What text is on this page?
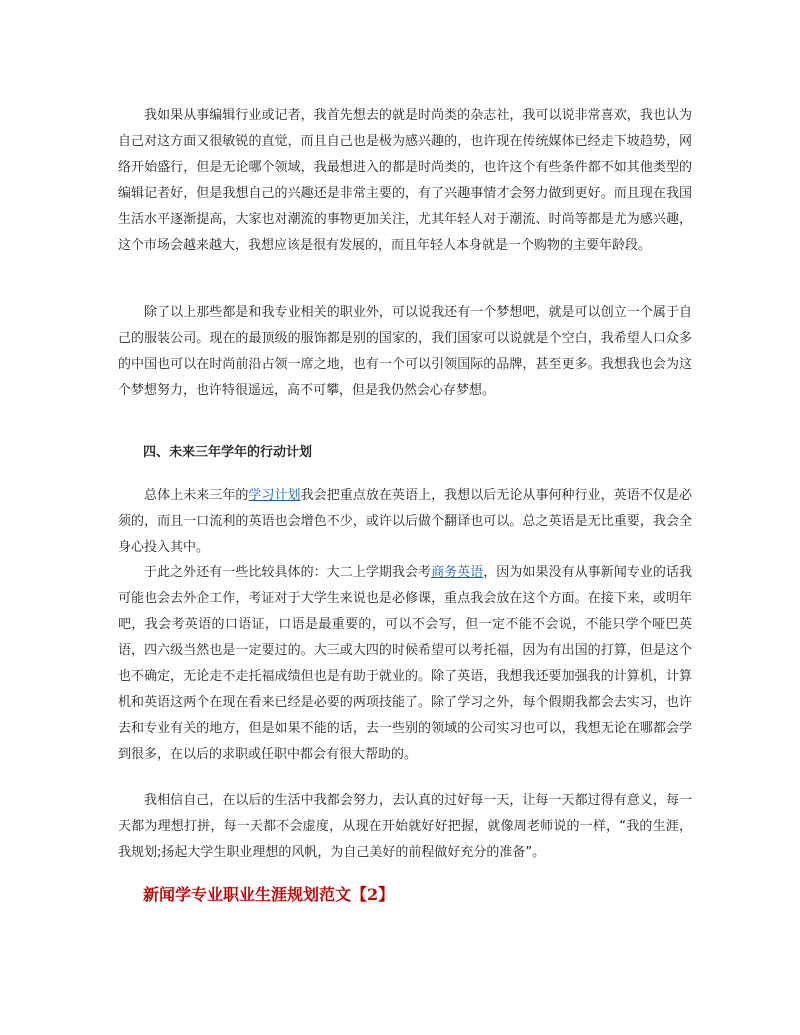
我如果从事编辑行业或记者，我首先想去的就是时尚类的杂志社，我可以说非常喜欢，我也认为自己对这方面又很敏锐的直觉，而且自己也是极为感兴趣的，也许现在传统媒体已经走下坡趋势，网络开始盛行，但是无论哪个领域，我最想进入的都是时尚类的，也许这个有些条件都不如其他类型的编辑记者好，但是我想自己的兴趣还是非常主要的，有了兴趣事情才会努力做到更好。而且现在我国生活水平逐渐提高，大家也对潮流的事物更加关注，尤其年轻人对于潮流、时尚等都是尤为感兴趣，这个市场会越来越大，我想应该是很有发展的，而且年轻人本身就是一个购物的主要年龄段。

除了以上那些都是和我专业相关的职业外，可以说我还有一个梦想吧，就是可以创立一个属于自己的服装公司。现在的最顶级的服饰都是别的国家的，我们国家可以说就是个空白，我希望人口众多的中国也可以在时尚前沿占领一席之地，也有一个可以引领国际的品牌，甚至更多。我想我也会为这个梦想努力，也许特很遥远，高不可攀，但是我仍然会心存梦想。

四、未来三年学年的行动计划

总体上未来三年的学习计划我会把重点放在英语上，我想以后无论从事何种行业，英语不仅是必须的，而且一口流利的英语也会增色不少，或许以后做个翻译也可以。总之英语是无比重要，我会全身心投入其中。

于此之外还有一些比较具体的：大二上学期我会考商务英语，因为如果没有从事新闻专业的话我可能也会去外企工作，考证对于大学生来说也是必修课，重点我会放在这个方面。在接下来，或明年吧，我会考英语的口语证，口语是最重要的，可以不会写，但一定不能不会说，不能只学个哑巴英语，四六级当然也是一定要过的。大三或大四的时候希望可以考托福，因为有出国的打算，但是这个也不确定，无论走不走托福成绩但也是有助于就业的。除了英语，我想我还要加强我的计算机，计算机和英语这两个在现在看来已经是必要的两项技能了。除了学习之外，每个假期我都会去实习，也许去和专业有关的地方，但是如果不能的话，去一些别的领域的公司实习也可以，我想无论在哪都会学到很多，在以后的求职或任职中都会有很大帮助的。

我相信自己，在以后的生活中我都会努力，去认真的过好每一天，让每一天都过得有意义，每一天都为理想打拼，每一天都不会虚度，从现在开始就好好把握，就像周老师说的一样，“我的生涯，我规划;扬起大学生职业理想的风帆，为自己美好的前程做好充分的准备”。

新闻学专业职业生涯规划范文【2】
